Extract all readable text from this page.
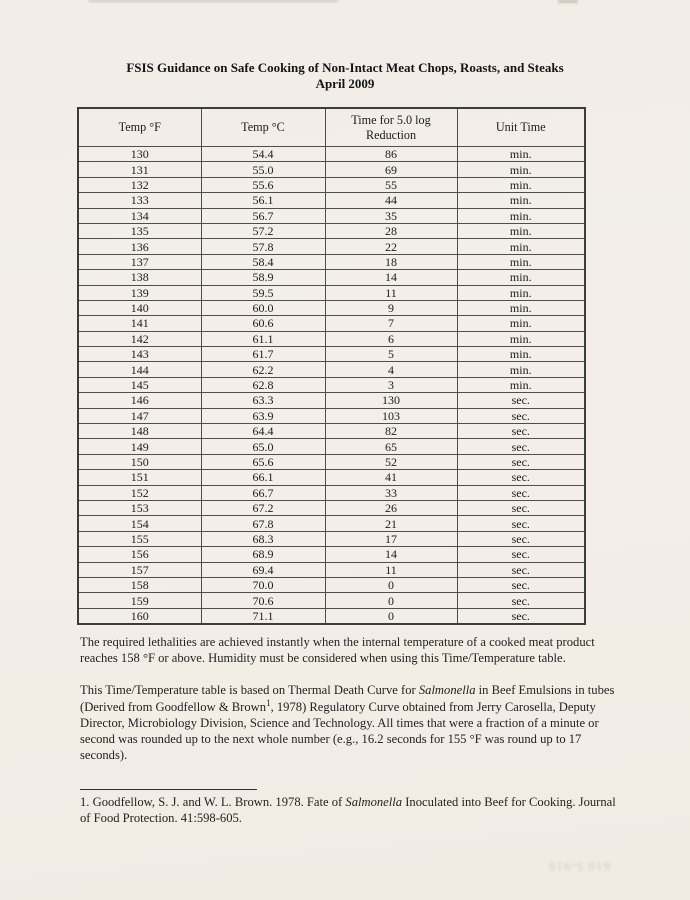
FSIS Guidance on Safe Cooking of Non-Intact Meat Chops, Roasts, and Steaks
April 2009
Temp °F	Temp °C	Time for 5.0 log Reduction	Unit Time
130	54.4	86	min.
131	55.0	69	min.
132	55.6	55	min.
133	56.1	44	min.
134	56.7	35	min.
135	57.2	28	min.
136	57.8	22	min.
137	58.4	18	min.
138	58.9	14	min.
139	59.5	11	min.
140	60.0	9	min.
141	60.6	7	min.
142	61.1	6	min.
143	61.7	5	min.
144	62.2	4	min.
145	62.8	3	min.
146	63.3	130	sec.
147	63.9	103	sec.
148	64.4	82	sec.
149	65.0	65	sec.
150	65.6	52	sec.
151	66.1	41	sec.
152	66.7	33	sec.
153	67.2	26	sec.
154	67.8	21	sec.
155	68.3	17	sec.
156	68.9	14	sec.
157	69.4	11	sec.
158	70.0	0	sec.
159	70.6	0	sec.
160	71.1	0	sec.

The required lethalities are achieved instantly when the internal temperature of a cooked meat product reaches 158 °F or above. Humidity must be considered when using this Time/Temperature table.

This Time/Temperature table is based on Thermal Death Curve for Salmonella in Beef Emulsions in tubes (Derived from Goodfellow & Brown$^1$, 1978) Regulatory Curve obtained from Jerry Carosella, Deputy Director, Microbiology Division, Science and Technology. All times that were a fraction of a minute or second was rounded up to the next whole number (e.g., 16.2 seconds for 155 °F was round up to 17 seconds).

1. Goodfellow, S. J. and W. L. Brown. 1978. Fate of Salmonella Inoculated into Beef for Cooking. Journal of Food Protection. 41:598-605.

610 5-919
